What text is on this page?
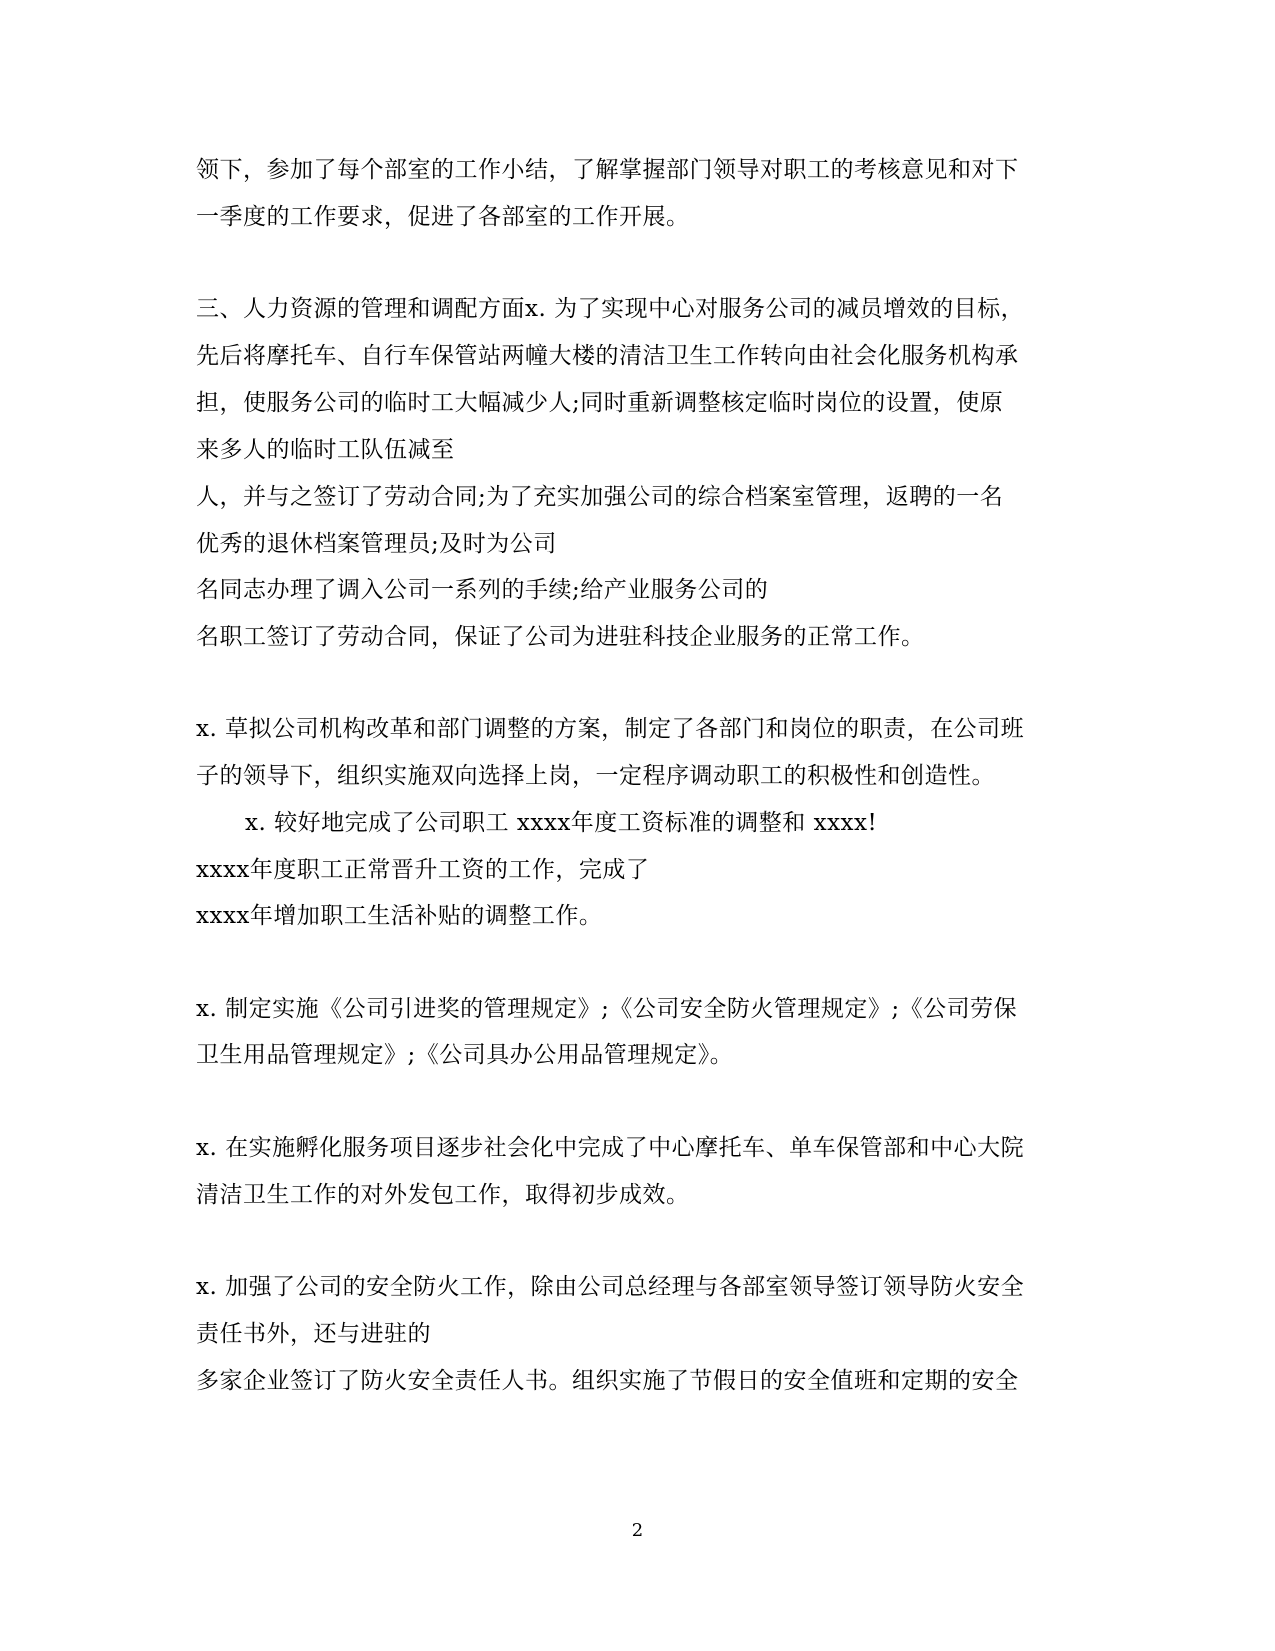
领下，参加了每个部室的工作小结，了解掌握部门领导对职工的考核意见和对下
一季度的工作要求，促进了各部室的工作开展。
三、人力资源的管理和调配方面x. 为了实现中心对服务公司的减员增效的目标，
先后将摩托车、自行车保管站两幢大楼的清洁卫生工作转向由社会化服务机构承
担，使服务公司的临时工大幅减少人;同时重新调整核定临时岗位的设置，使原
来多人的临时工队伍减至
人，并与之签订了劳动合同;为了充实加强公司的综合档案室管理，返聘的一名
优秀的退休档案管理员;及时为公司
名同志办理了调入公司一系列的手续;给产业服务公司的
名职工签订了劳动合同，保证了公司为进驻科技企业服务的正常工作。
x. 草拟公司机构改革和部门调整的方案，制定了各部门和岗位的职责，在公司班
子的领导下，组织实施双向选择上岗，一定程序调动职工的积极性和创造性。
x. 较好地完成了公司职工 xxxx年度工资标准的调整和 xxxx!
xxxx年度职工正常晋升工资的工作，完成了
xxxx年增加职工生活补贴的调整工作。
x. 制定实施《公司引进奖的管理规定》;《公司安全防火管理规定》;《公司劳保
卫生用品管理规定》;《公司具办公用品管理规定》。
x. 在实施孵化服务项目逐步社会化中完成了中心摩托车、单车保管部和中心大院
清洁卫生工作的对外发包工作，取得初步成效。
x. 加强了公司的安全防火工作，除由公司总经理与各部室领导签订领导防火安全
责任书外，还与进驻的
多家企业签订了防火安全责任人书。组织实施了节假日的安全值班和定期的安全
2
